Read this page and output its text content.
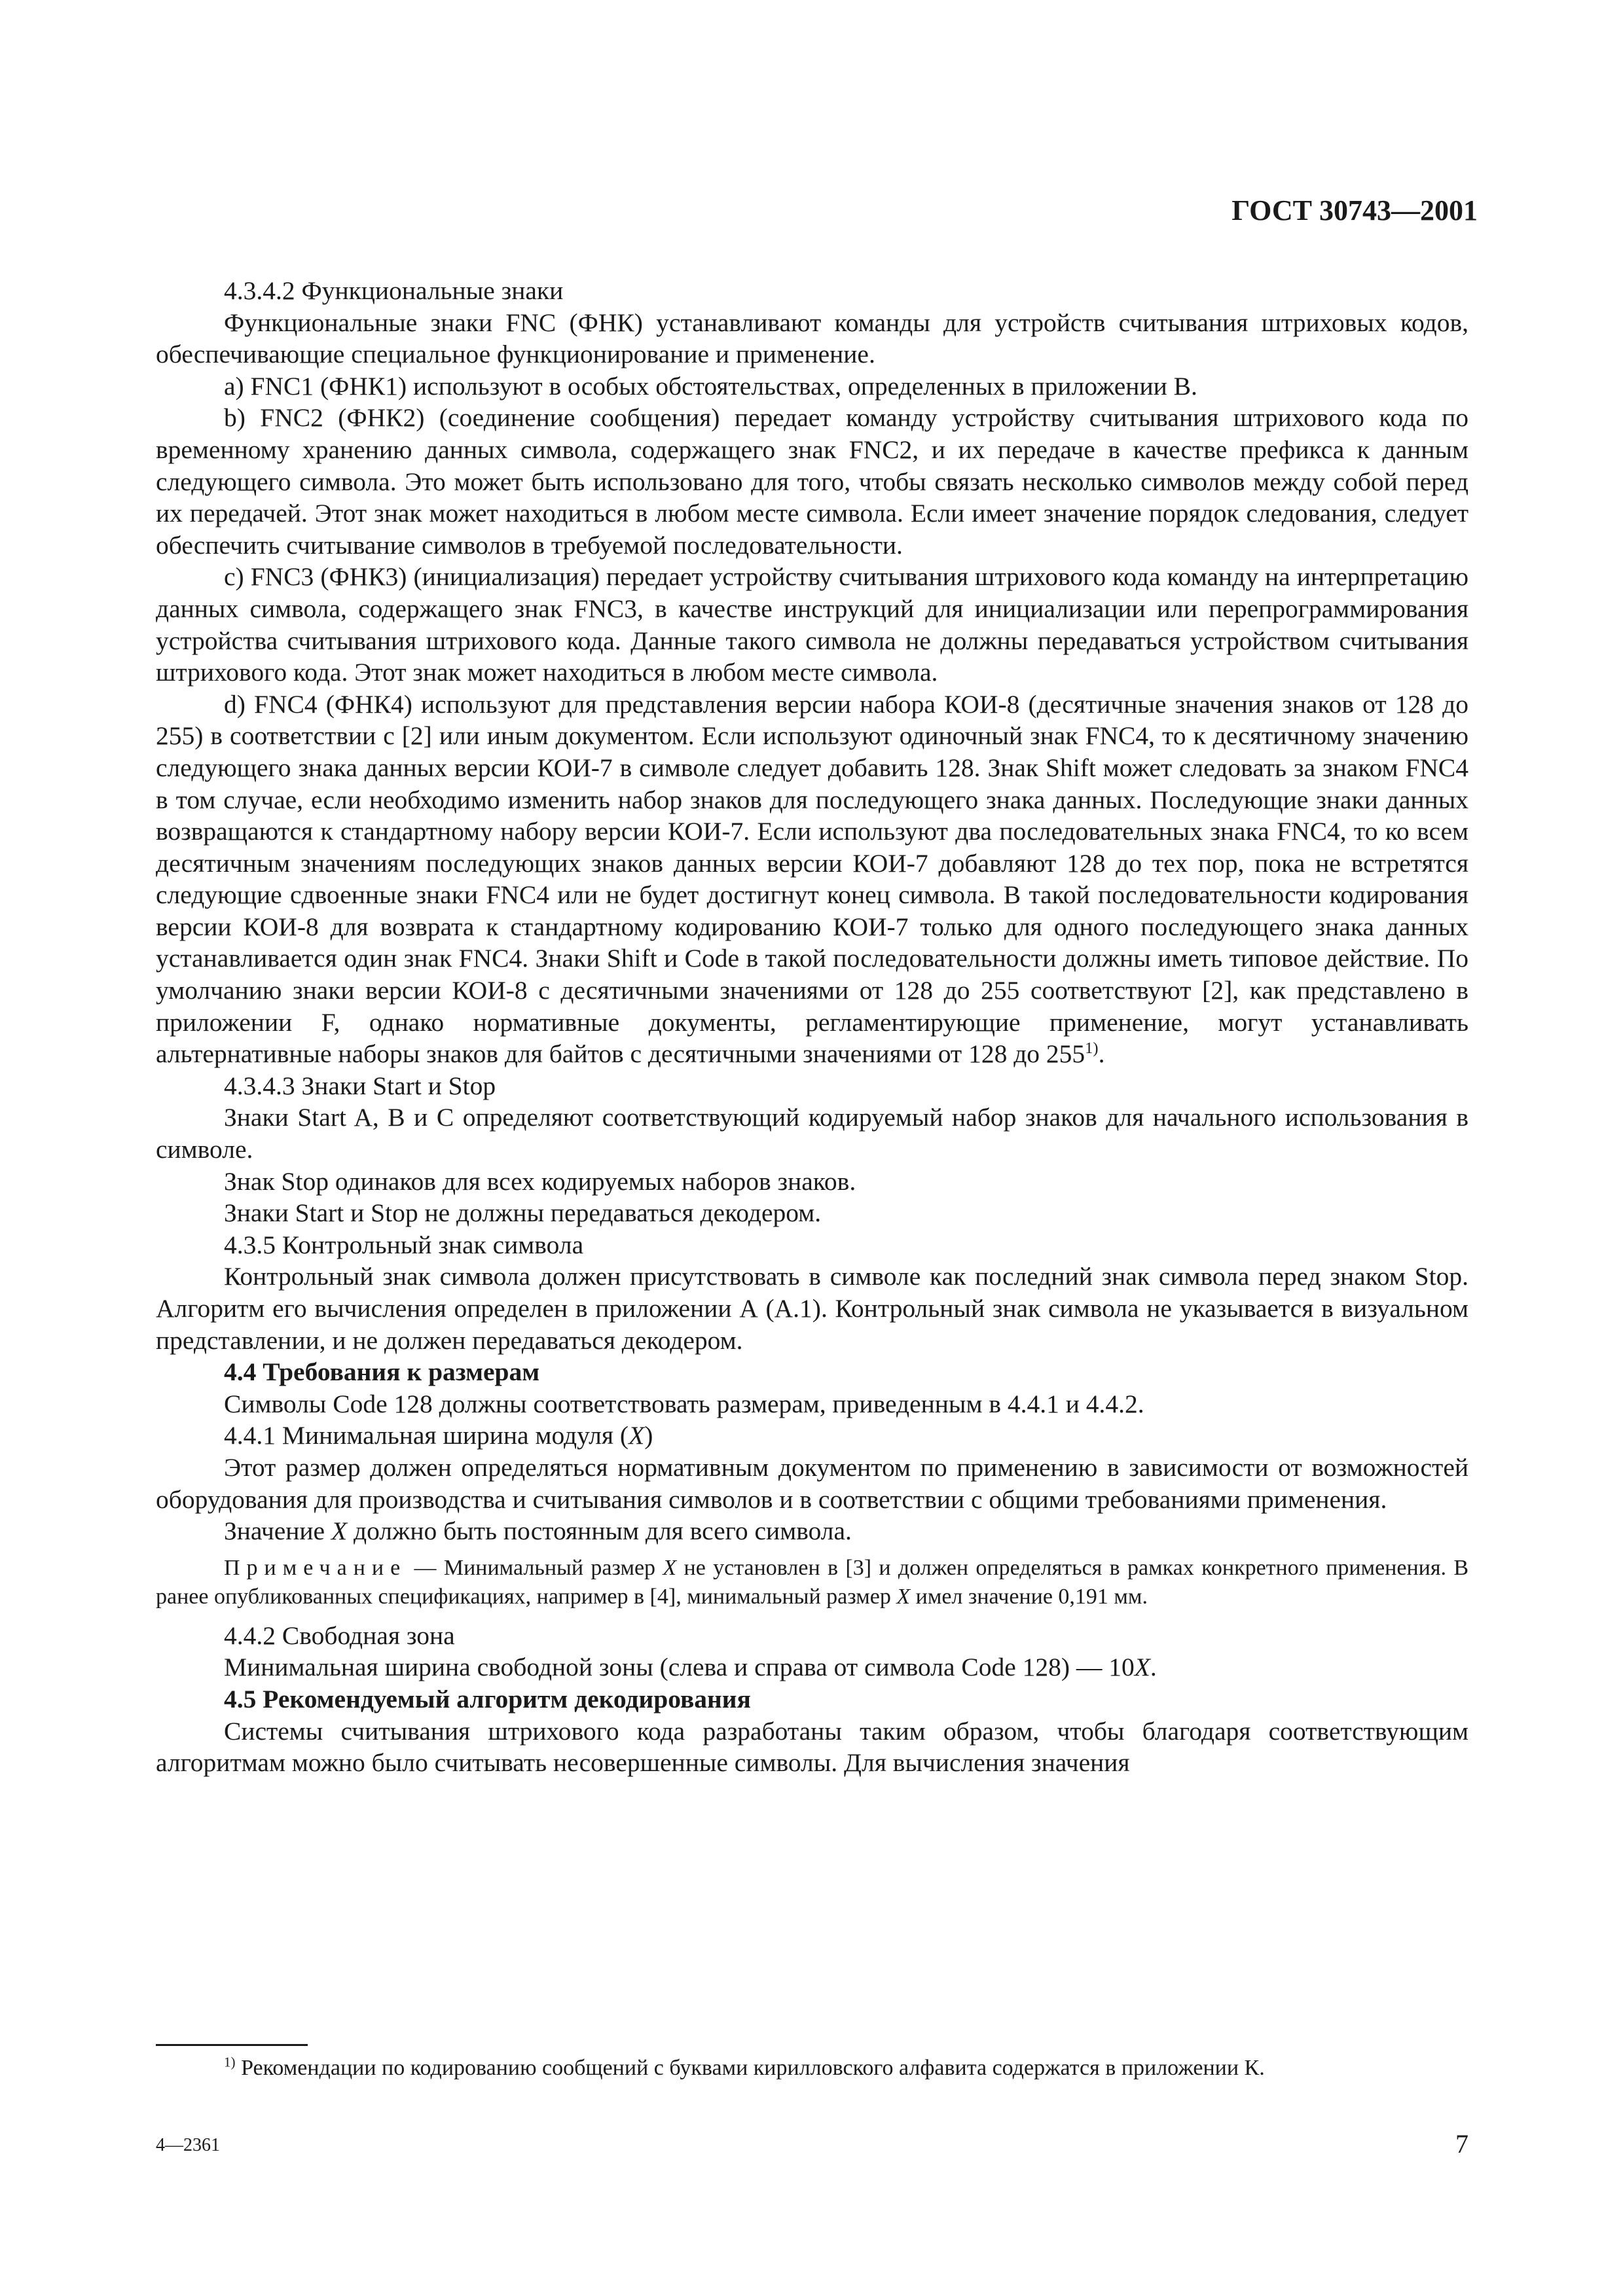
ГОСТ 30743—2001

4.3.4.2 Функциональные знаки

Функциональные знаки FNC (ФНК) устанавливают команды для устройств считывания штриховых кодов, обеспечивающие специальное функционирование и применение.

a) FNC1 (ФНК1) используют в особых обстоятельствах, определенных в приложении В.

b) FNC2 (ФНК2) (соединение сообщения) передает команду устройству считывания штрихового кода по временному хранению данных символа, содержащего знак FNC2, и их передаче в качестве префикса к данным следующего символа. Это может быть использовано для того, чтобы связать несколько символов между собой перед их передачей. Этот знак может находиться в любом месте символа. Если имеет значение порядок следования, следует обеспечить считывание символов в требуемой последовательности.

c) FNC3 (ФНК3) (инициализация) передает устройству считывания штрихового кода команду на интерпретацию данных символа, содержащего знак FNC3, в качестве инструкций для инициализации или перепрограммирования устройства считывания штрихового кода. Данные такого символа не должны передаваться устройством считывания штрихового кода. Этот знак может находиться в любом месте символа.

d) FNC4 (ФНК4) используют для представления версии набора КОИ-8 (десятичные значения знаков от 128 до 255) в соответствии с [2] или иным документом. Если используют одиночный знак FNC4, то к десятичному значению следующего знака данных версии КОИ-7 в символе следует добавить 128. Знак Shift может следовать за знаком FNC4 в том случае, если необходимо изменить набор знаков для последующего знака данных. Последующие знаки данных возвращаются к стандартному набору версии КОИ-7. Если используют два последовательных знака FNC4, то ко всем десятичным значениям последующих знаков данных версии КОИ-7 добавляют 128 до тех пор, пока не встретятся следующие сдвоенные знаки FNC4 или не будет достигнут конец символа. В такой последовательности кодирования версии КОИ-8 для возврата к стандартному кодированию КОИ-7 только для одного последующего знака данных устанавливается один знак FNC4. Знаки Shift и Code в такой последовательности должны иметь типовое действие. По умолчанию знаки версии КОИ-8 с десятичными значениями от 128 до 255 соответствуют [2], как представлено в приложении F, однако нормативные документы, регламентирующие применение, могут устанавливать альтернативные наборы знаков для байтов с десятичными значениями от 128 до 255$^{1)}$.

4.3.4.3 Знаки Start и Stop

Знаки Start A, В и С определяют соответствующий кодируемый набор знаков для начального использования в символе.

Знак Stop одинаков для всех кодируемых наборов знаков.

Знаки Start и Stop не должны передаваться декодером.

4.3.5 Контрольный знак символа

Контрольный знак символа должен присутствовать в символе как последний знак символа перед знаком Stop. Алгоритм его вычисления определен в приложении А (А.1). Контрольный знак символа не указывается в визуальном представлении, и не должен передаваться декодером.

4.4 Требования к размерам

Символы Code 128 должны соответствовать размерам, приведенным в 4.4.1 и 4.4.2.

4.4.1 Минимальная ширина модуля (X)

Этот размер должен определяться нормативным документом по применению в зависимости от возможностей оборудования для производства и считывания символов и в соответствии с общими требованиями применения.

Значение X должно быть постоянным для всего символа.

Примечание — Минимальный размер X не установлен в [3] и должен определяться в рамках конкретного применения. В ранее опубликованных спецификациях, например в [4], минимальный размер X имел значение 0,191 мм.

4.4.2 Свободная зона

Минимальная ширина свободной зоны (слева и справа от символа Code 128) — 10X.

4.5 Рекомендуемый алгоритм декодирования

Системы считывания штрихового кода разработаны таким образом, чтобы благодаря соответствующим алгоритмам можно было считывать несовершенные символы. Для вычисления значения

$^{1)}$ Рекомендации по кодированию сообщений с буквами кирилловского алфавита содержатся в приложении К.
4—2361	7
